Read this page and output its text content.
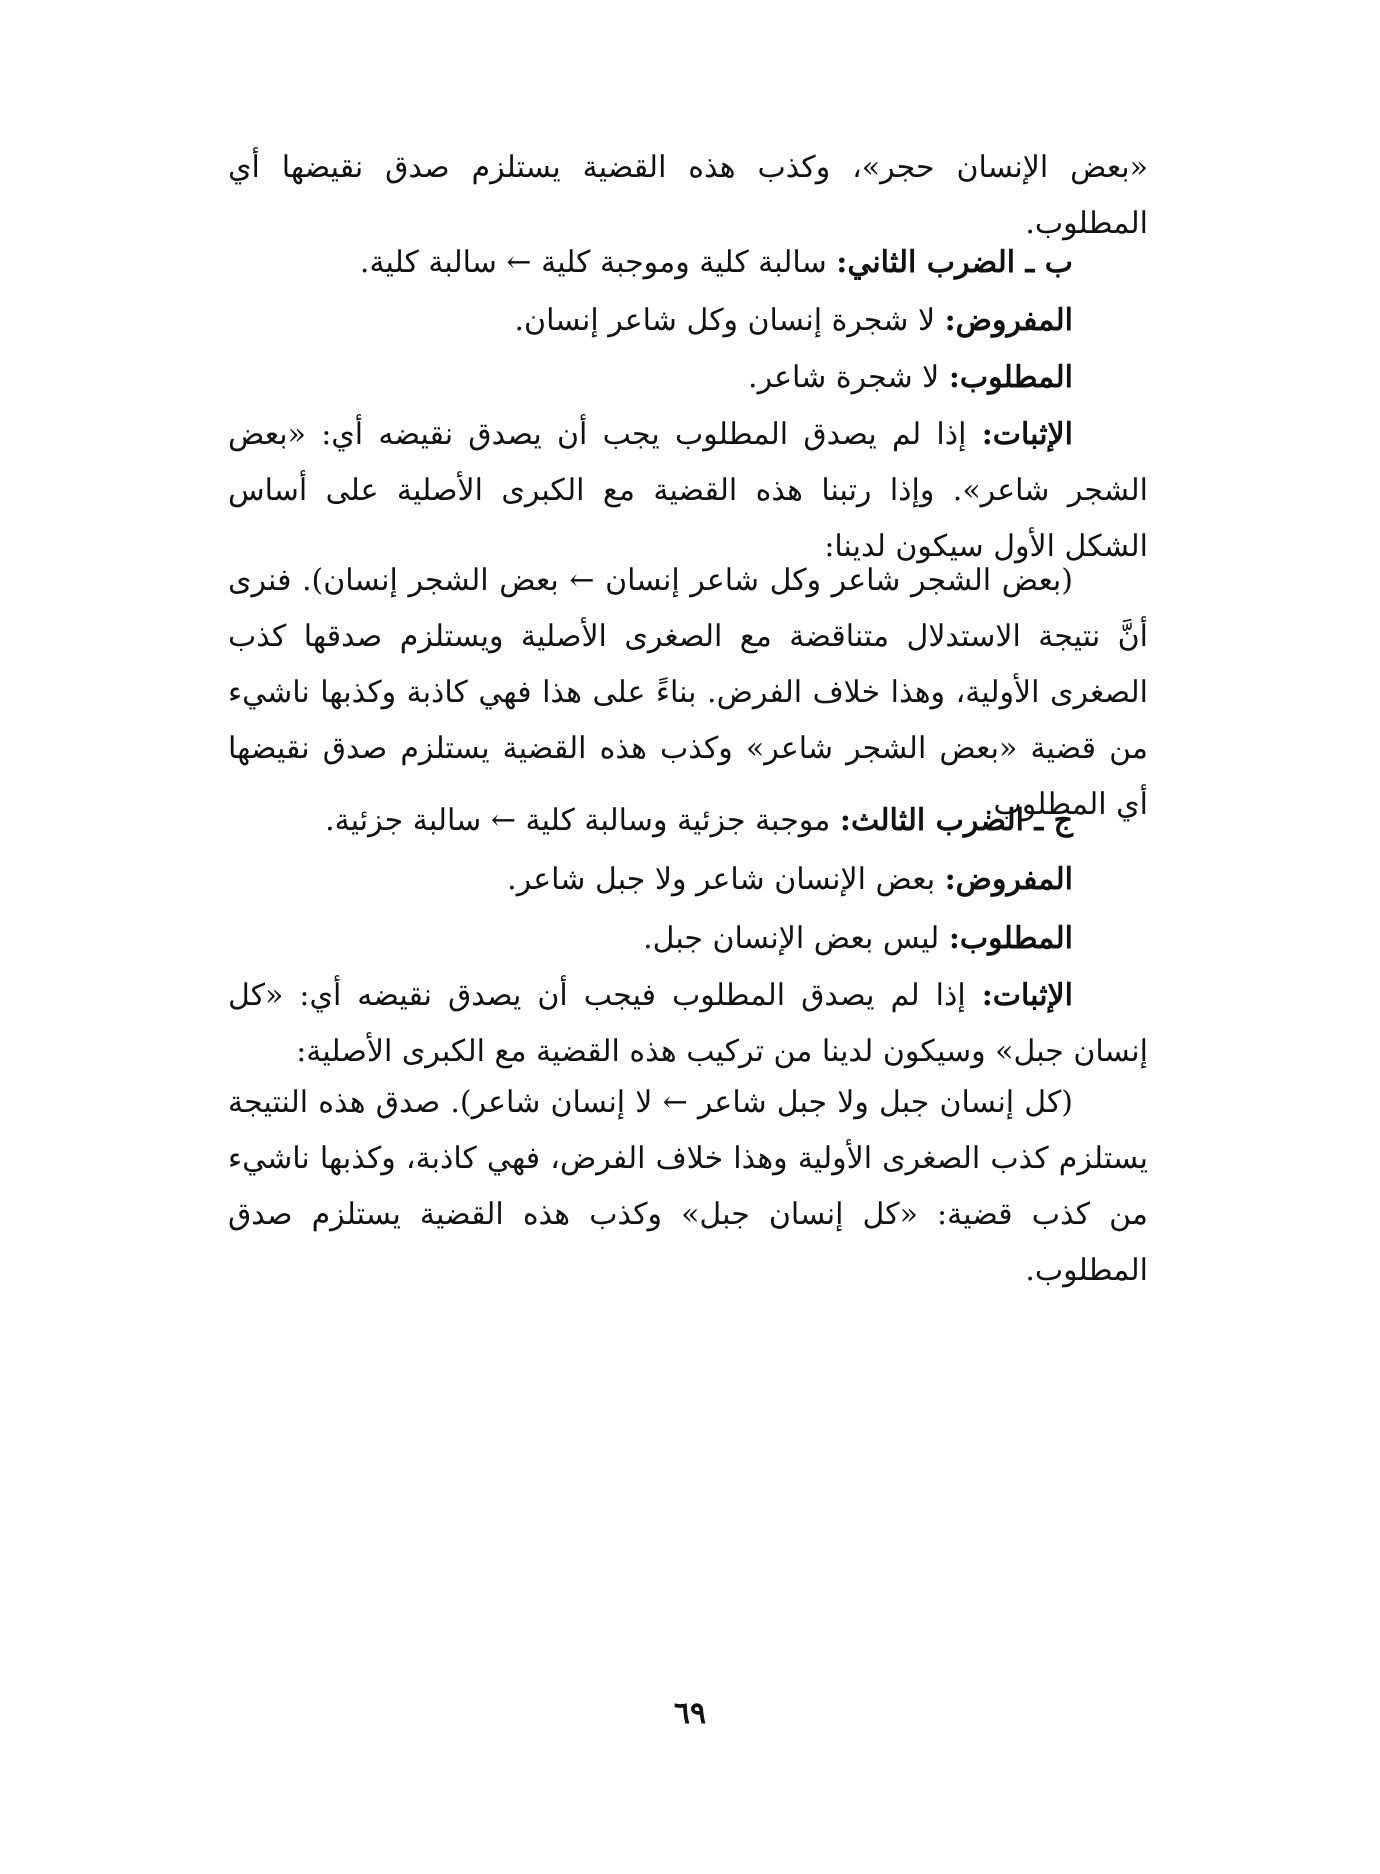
«بعض الإنسان حجر»، وكذب هذه القضية يستلزم صدق نقيضها أي المطلوب.

ب ـ الضرب الثاني: سالبة كلية وموجبة كلية ← سالبة كلية.
المفروض: لا شجرة إنسان وكل شاعر إنسان.
المطلوب: لا شجرة شاعر.

الإثبات: إذا لم يصدق المطلوب يجب أن يصدق نقيضه أي: «بعض الشجر شاعر». وإذا رتبنا هذه القضية مع الكبرى الأصلية على أساس الشكل الأول سيكون لدينا:

(بعض الشجر شاعر وكل شاعر إنسان ← بعض الشجر إنسان). فنرى أنَّ نتيجة الاستدلال متناقضة مع الصغرى الأصلية ويستلزم صدقها كذب الصغرى الأولية، وهذا خلاف الفرض. بناءً على هذا فهي كاذبة وكذبها ناشيء من قضية «بعض الشجر شاعر» وكذب هذه القضية يستلزم صدق نقيضها أي المطلوب.

ج ـ الضرب الثالث: موجبة جزئية وسالبة كلية ← سالبة جزئية.
المفروض: بعض الإنسان شاعر ولا جبل شاعر.
المطلوب: ليس بعض الإنسان جبل.

الإثبات: إذا لم يصدق المطلوب فيجب أن يصدق نقيضه أي: «كل إنسان جبل» وسيكون لدينا من تركيب هذه القضية مع الكبرى الأصلية:

(كل إنسان جبل ولا جبل شاعر ← لا إنسان شاعر). صدق هذه النتيجة يستلزم كذب الصغرى الأولية وهذا خلاف الفرض، فهي كاذبة، وكذبها ناشيء من كذب قضية: «كل إنسان جبل» وكذب هذه القضية يستلزم صدق المطلوب.

٦٩
